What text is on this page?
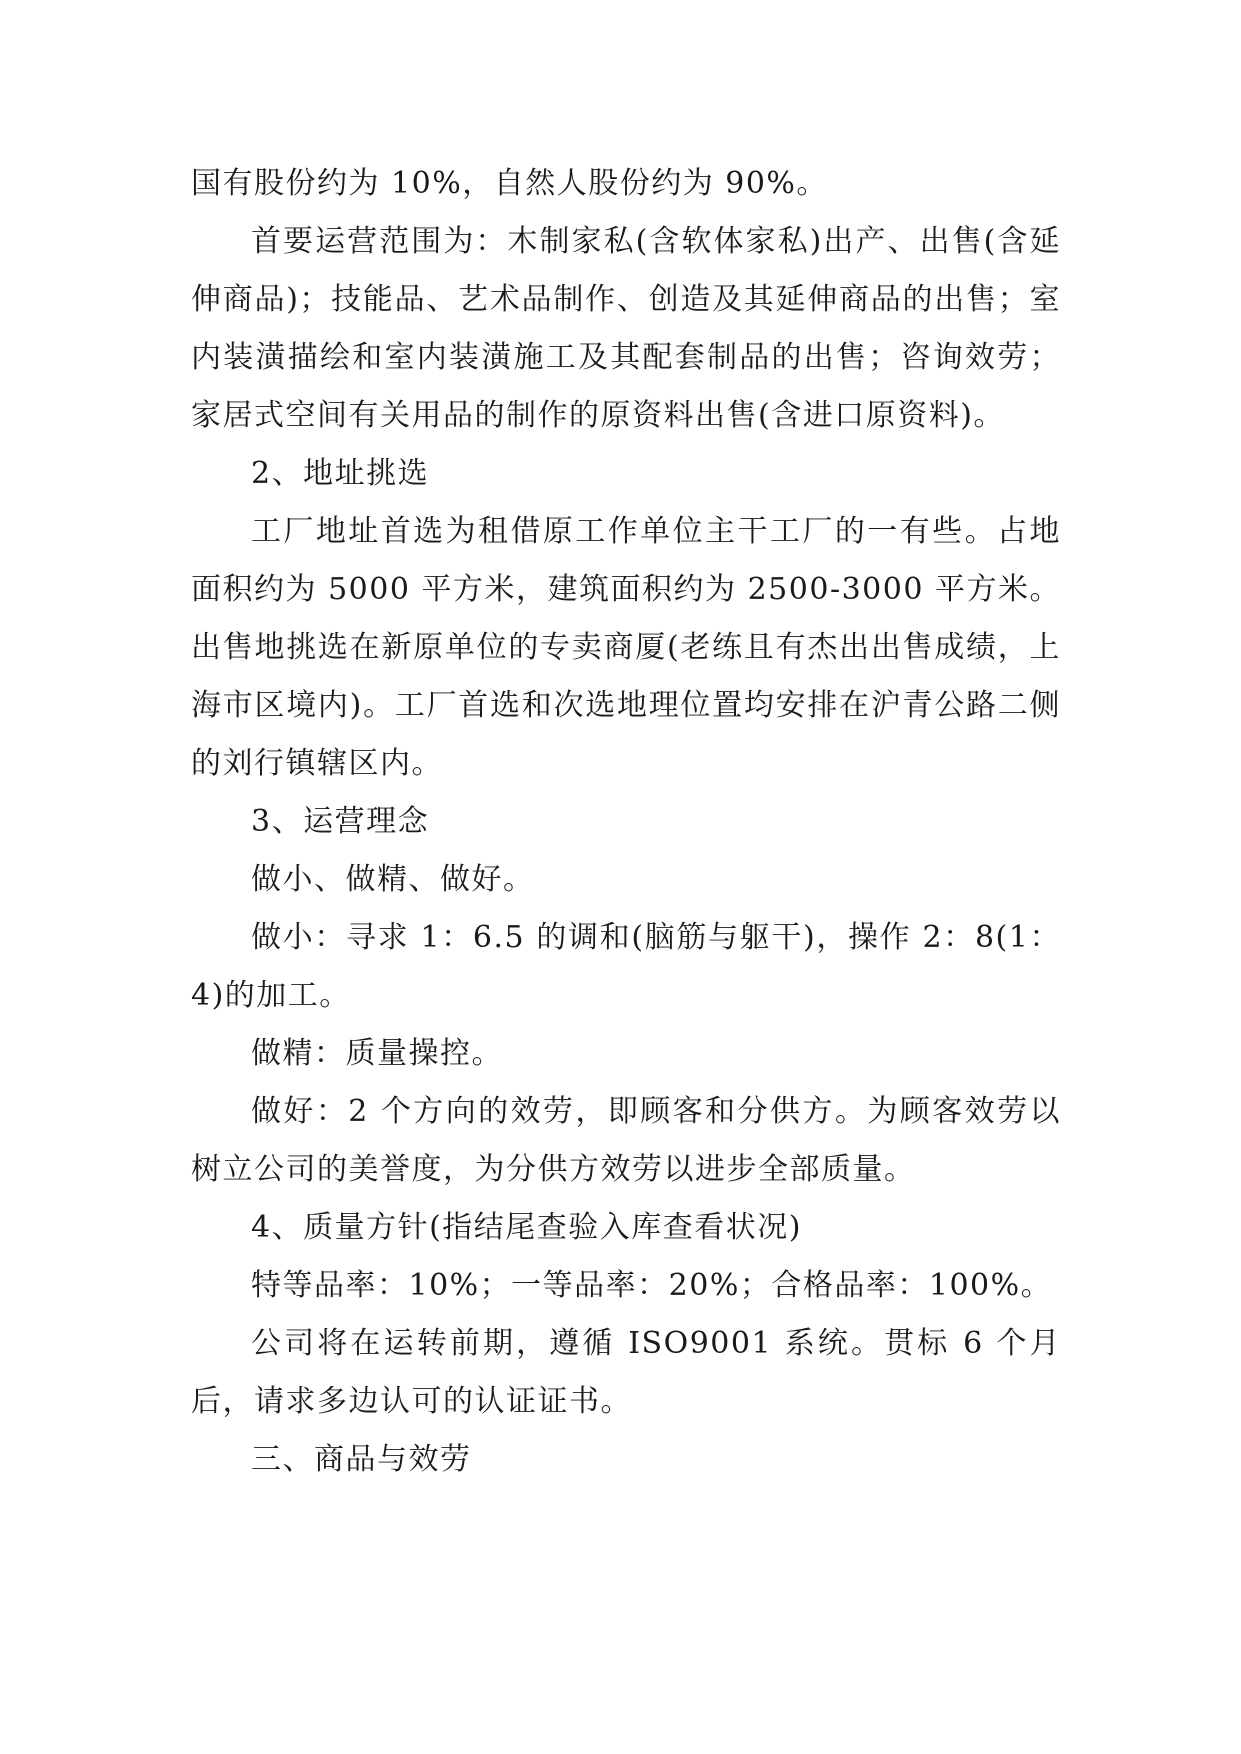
国有股份约为 10%，自然人股份约为 90%。

首要运营范围为：木制家私(含软体家私)出产、出售(含延伸商品)；技能品、艺术品制作、创造及其延伸商品的出售；室内装潢描绘和室内装潢施工及其配套制品的出售；咨询效劳；家居式空间有关用品的制作的原资料出售(含进口原资料)。

2、地址挑选

工厂地址首选为租借原工作单位主干工厂的一有些。占地面积约为 5000 平方米，建筑面积约为 2500-3000 平方米。出售地挑选在新原单位的专卖商厦(老练且有杰出出售成绩，上海市区境内)。工厂首选和次选地理位置均安排在沪青公路二侧的刘行镇辖区内。

3、运营理念

做小、做精、做好。

做小：寻求 1：6.5 的调和(脑筋与躯干)，操作 2：8(1：4)的加工。

做精：质量操控。

做好：2 个方向的效劳，即顾客和分供方。为顾客效劳以树立公司的美誉度，为分供方效劳以进步全部质量。

4、质量方针(指结尾查验入库查看状况)

特等品率：10%；一等品率：20%；合格品率：100%。

公司将在运转前期，遵循 ISO9001 系统。贯标 6 个月后，请求多边认可的认证证书。

三、商品与效劳
